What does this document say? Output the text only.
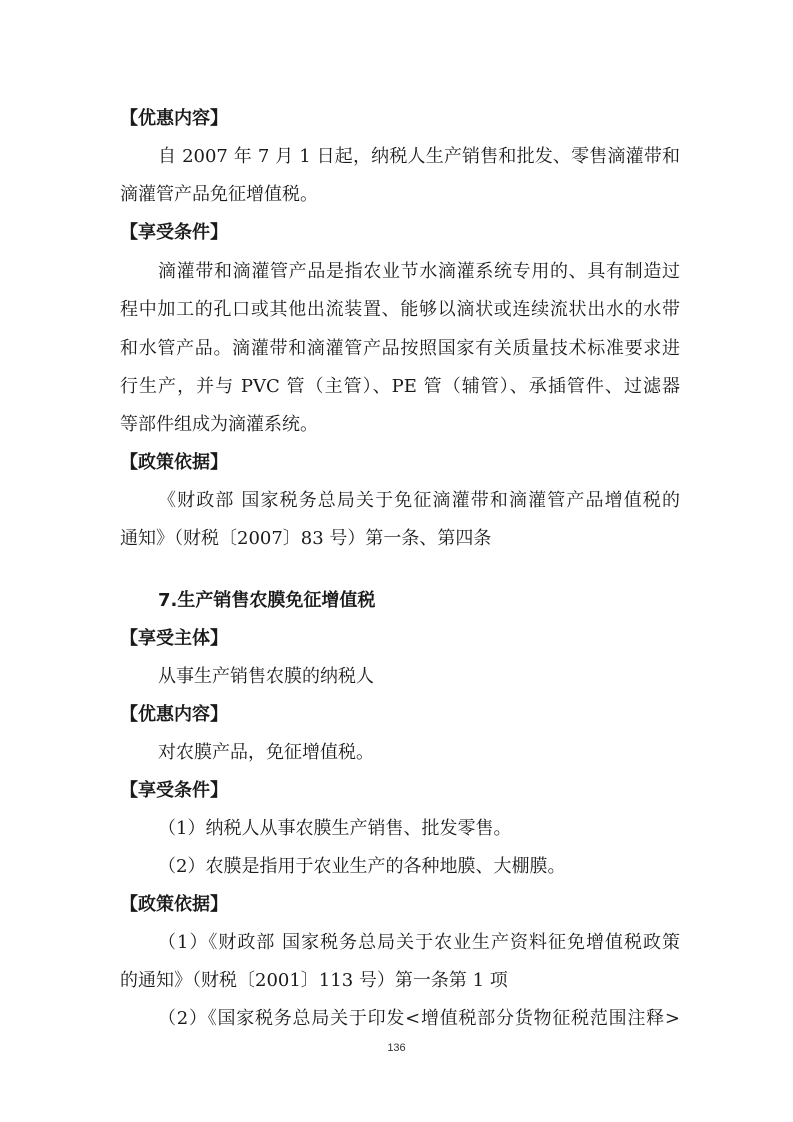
【优惠内容】
自 2007 年 7 月 1 日起，纳税人生产销售和批发、零售滴灌带和
滴灌管产品免征增值税。
【享受条件】
滴灌带和滴灌管产品是指农业节水滴灌系统专用的、具有制造过
程中加工的孔口或其他出流装置、能够以滴状或连续流状出水的水带
和水管产品。滴灌带和滴灌管产品按照国家有关质量技术标准要求进
行生产，并与 PVC 管（主管）、PE 管（辅管）、承插管件、过滤器
等部件组成为滴灌系统。
【政策依据】
《财政部 国家税务总局关于免征滴灌带和滴灌管产品增值税的
通知》（财税〔2007〕83 号）第一条、第四条
7.生产销售农膜免征增值税
【享受主体】
从事生产销售农膜的纳税人
【优惠内容】
对农膜产品，免征增值税。
【享受条件】
（1）纳税人从事农膜生产销售、批发零售。
（2）农膜是指用于农业生产的各种地膜、大棚膜。
【政策依据】
（1）《财政部 国家税务总局关于农业生产资料征免增值税政策
的通知》（财税〔2001〕113 号）第一条第 1 项
（2）《国家税务总局关于印发<增值税部分货物征税范围注释>
136
